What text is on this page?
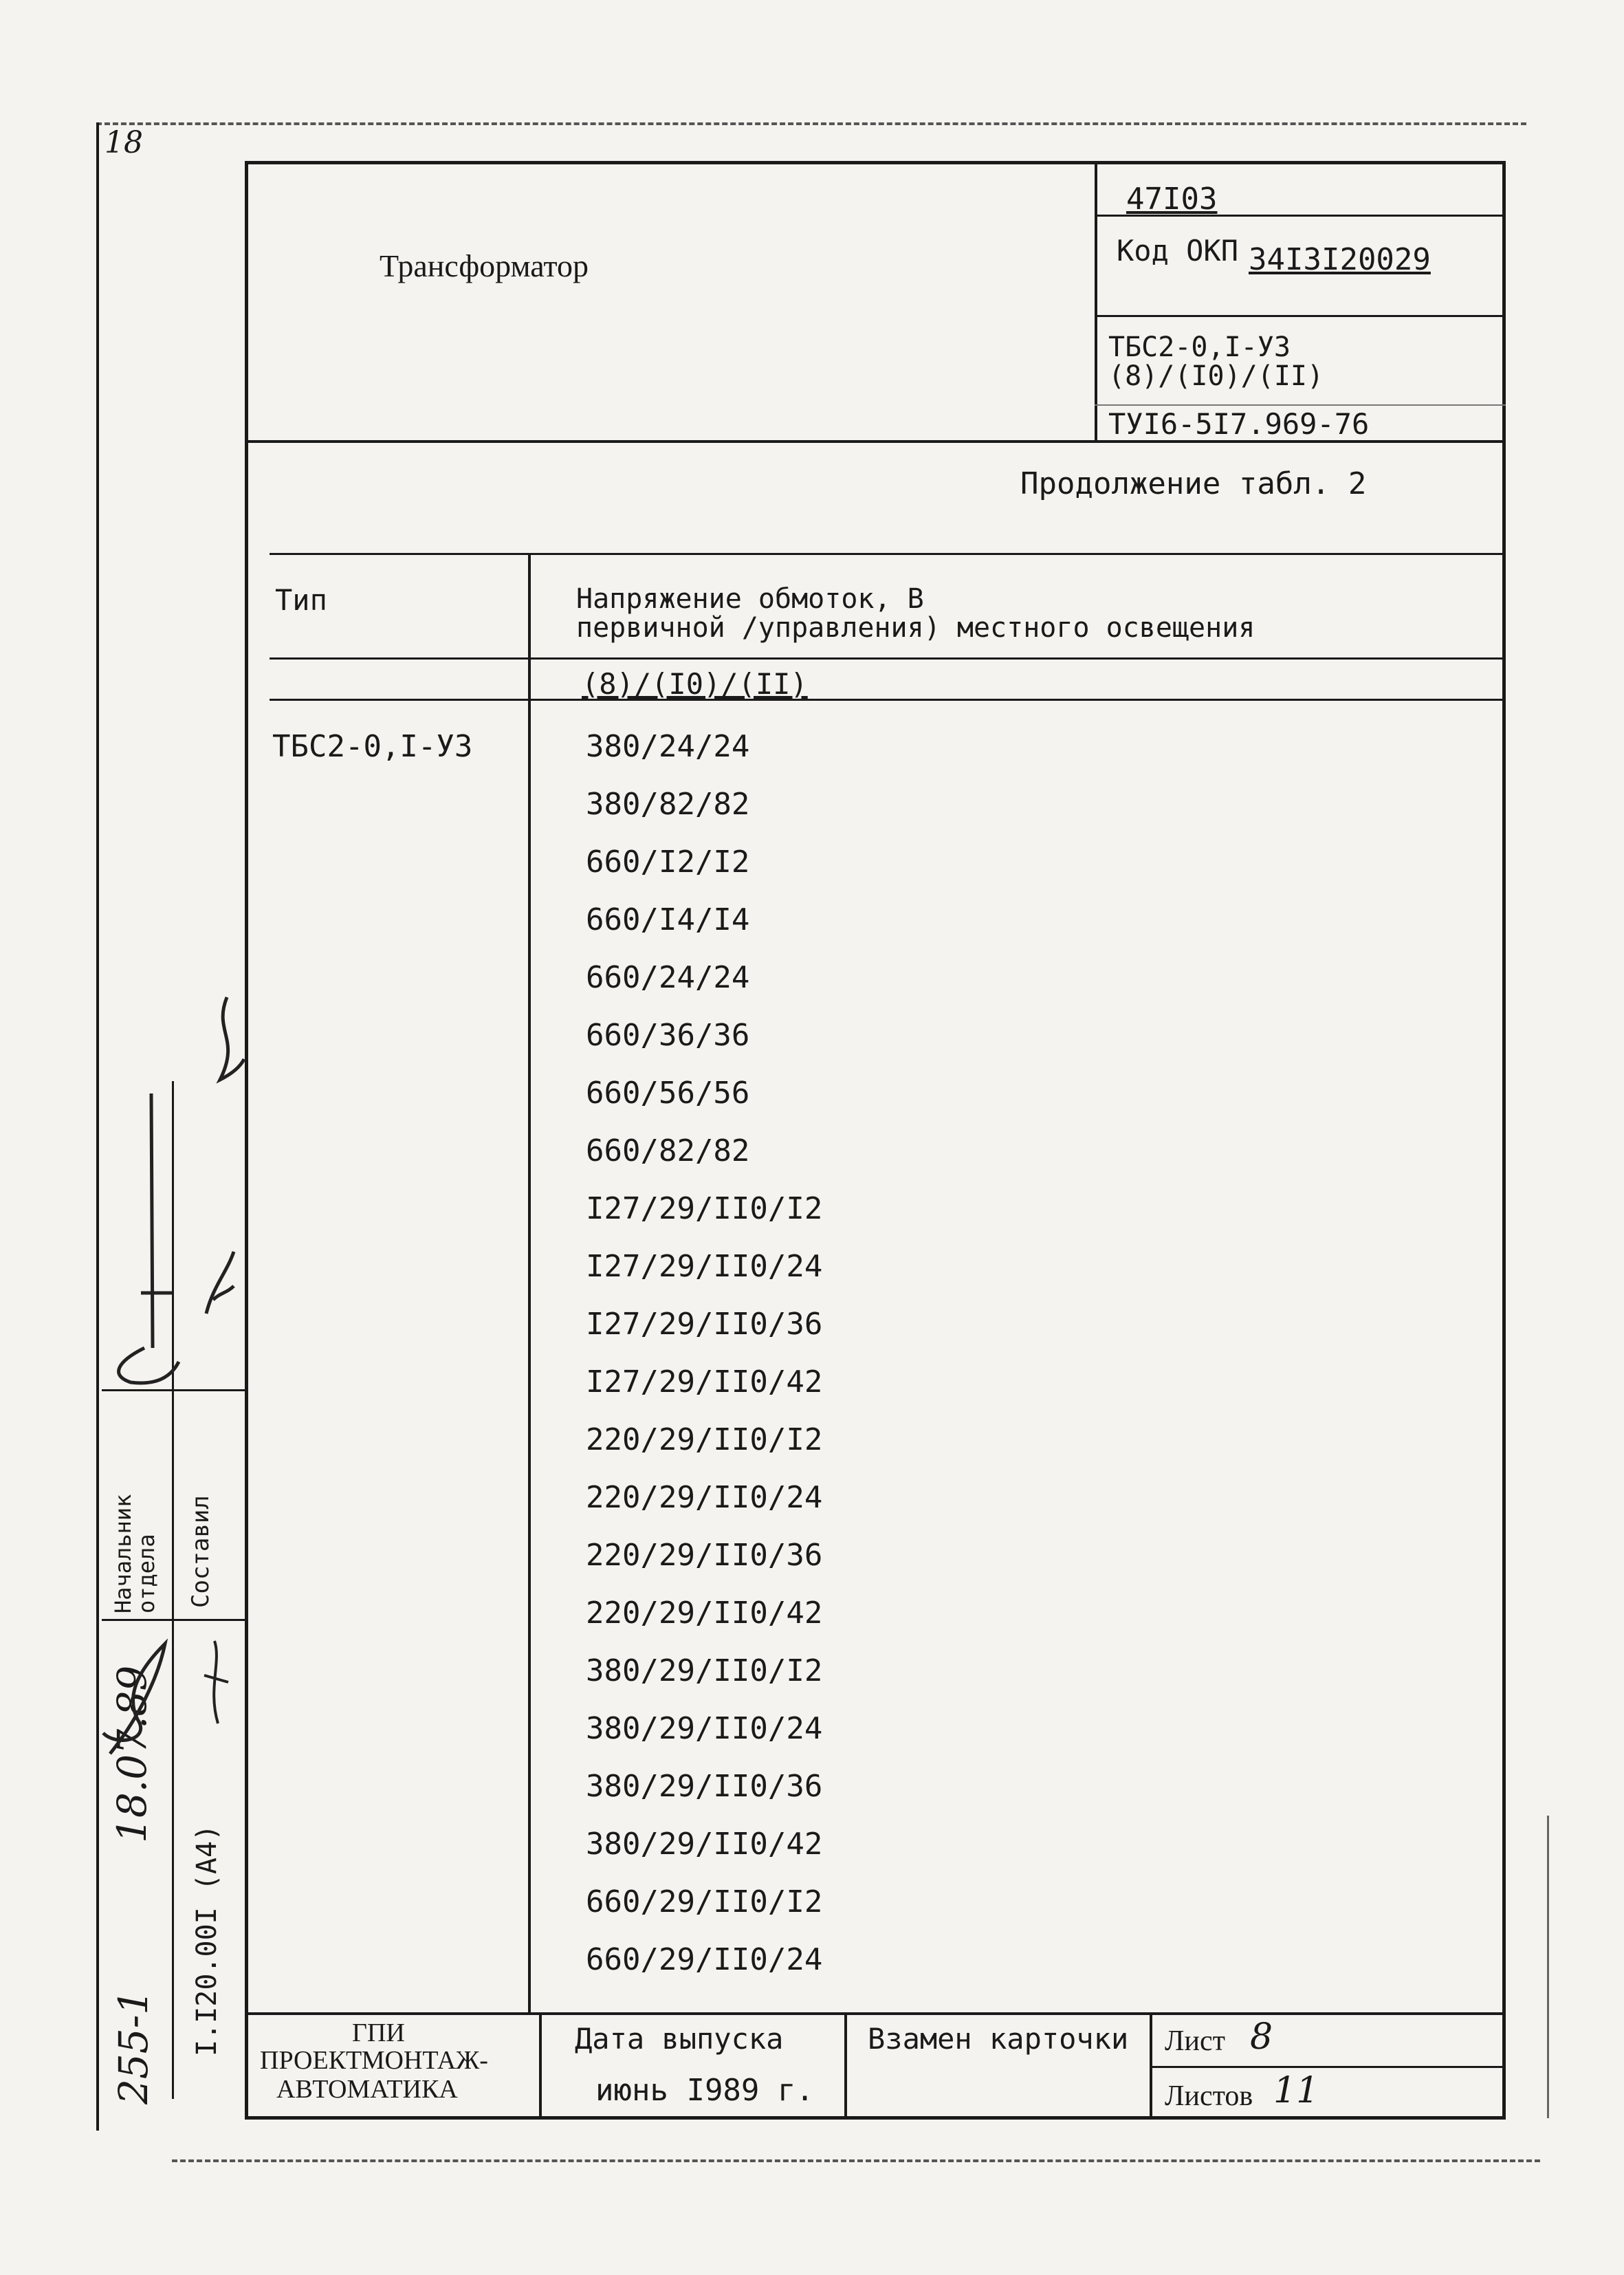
18
Трансформатор
47I03
Код ОКП 34I3I20029
ТБС2-0,I-УЗ
(8)/(I0)/(II)
ТУI6-5I7.969-76
Продолжение табл. 2
Тип	Напряжение обмоток, В
первичной /управления) местного освещения
(8)/(I0)/(II)
ТБС2-0,I-УЗ	380/24/24
380/82/82
660/I2/I2
660/I4/I4
660/24/24
660/36/36
660/56/56
660/82/82
I27/29/II0/I2
I27/29/II0/24
I27/29/II0/36
I27/29/II0/42
220/29/II0/I2
220/29/II0/24
220/29/II0/36
220/29/II0/42
380/29/II0/I2
380/29/II0/24
380/29/II0/36
380/29/II0/42
660/29/II0/I2
660/29/II0/24
ГПИ
ПРОЕКТМОНТАЖ-
АВТОМАТИКА
Дата выпуска
июнь I989 г.
Взамен карточки Лист 8
Листов 11
Начальник отдела Составил
18.07.89
I.I20.00I (A4)
255-1
